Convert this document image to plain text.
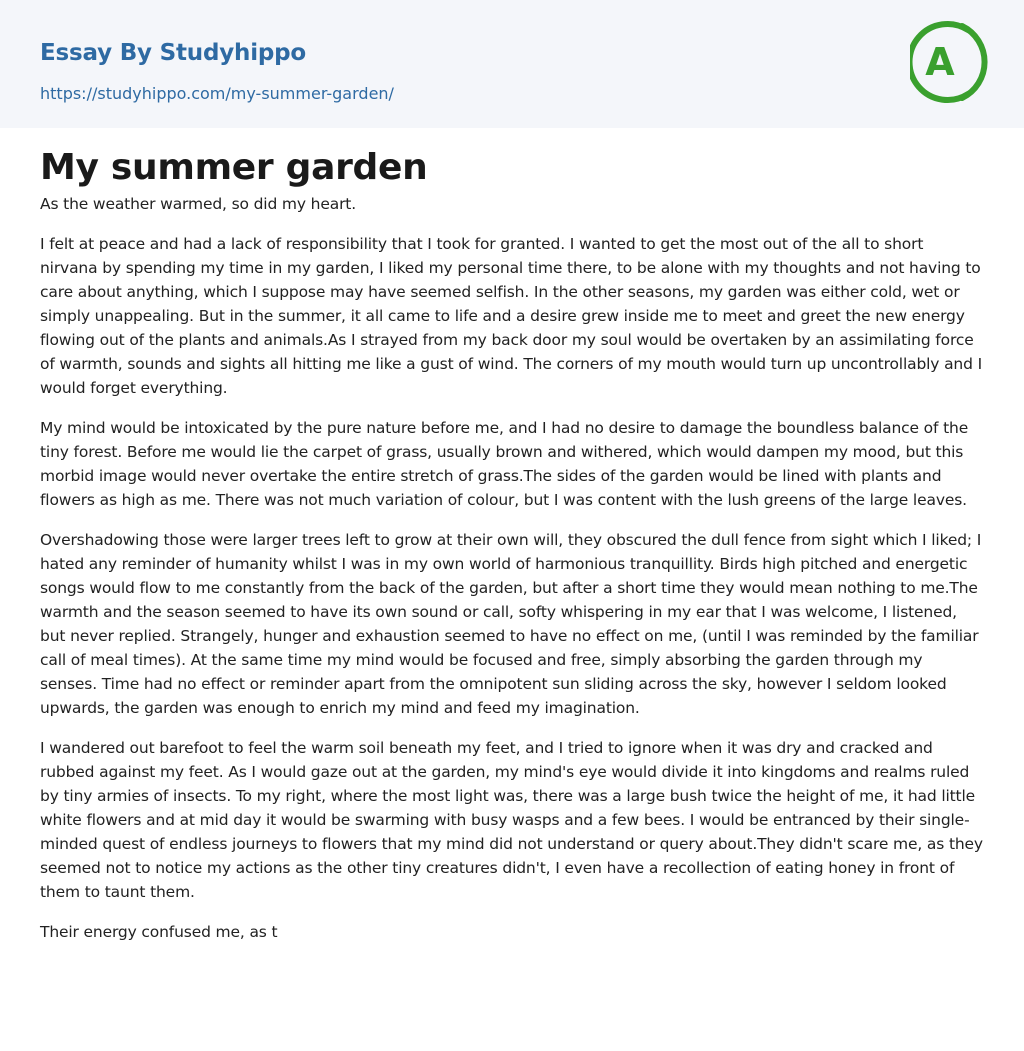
Essay By Studyhippo
https://studyhippo.com/my-summer-garden/
A
My summer garden

As the weather warmed, so did my heart.

I felt at peace and had a lack of responsibility that I took for granted. I wanted to get the most out of the all to short nirvana by spending my time in my garden, I liked my personal time there, to be alone with my thoughts and not having to care about anything, which I suppose may have seemed selfish. In the other seasons, my garden was either cold, wet or simply unappealing. But in the summer, it all came to life and a desire grew inside me to meet and greet the new energy flowing out of the plants and animals.As I strayed from my back door my soul would be overtaken by an assimilating force of warmth, sounds and sights all hitting me like a gust of wind. The corners of my mouth would turn up uncontrollably and I would forget everything.

My mind would be intoxicated by the pure nature before me, and I had no desire to damage the boundless balance of the tiny forest. Before me would lie the carpet of grass, usually brown and withered, which would dampen my mood, but this morbid image would never overtake the entire stretch of grass.The sides of the garden would be lined with plants and flowers as high as me. There was not much variation of colour, but I was content with the lush greens of the large leaves.

Overshadowing those were larger trees left to grow at their own will, they obscured the dull fence from sight which I liked; I hated any reminder of humanity whilst I was in my own world of harmonious tranquillity. Birds high pitched and energetic songs would flow to me constantly from the back of the garden, but after a short time they would mean nothing to me.The warmth and the season seemed to have its own sound or call, softy whispering in my ear that I was welcome, I listened, but never replied. Strangely, hunger and exhaustion seemed to have no effect on me, (until I was reminded by the familiar call of meal times). At the same time my mind would be focused and free, simply absorbing the garden through my senses. Time had no effect or reminder apart from the omnipotent sun sliding across the sky, however I seldom looked upwards, the garden was enough to enrich my mind and feed my imagination.

I wandered out barefoot to feel the warm soil beneath my feet, and I tried to ignore when it was dry and cracked and rubbed against my feet. As I would gaze out at the garden, my mind's eye would divide it into kingdoms and realms ruled by tiny armies of insects. To my right, where the most light was, there was a large bush twice the height of me, it had little white flowers and at mid day it would be swarming with busy wasps and a few bees. I would be entranced by their single-minded quest of endless journeys to flowers that my mind did not understand or query about.They didn't scare me, as they seemed not to notice my actions as the other tiny creatures didn't, I even have a recollection of eating honey in front of them to taunt them.

Their energy confused me, as t
